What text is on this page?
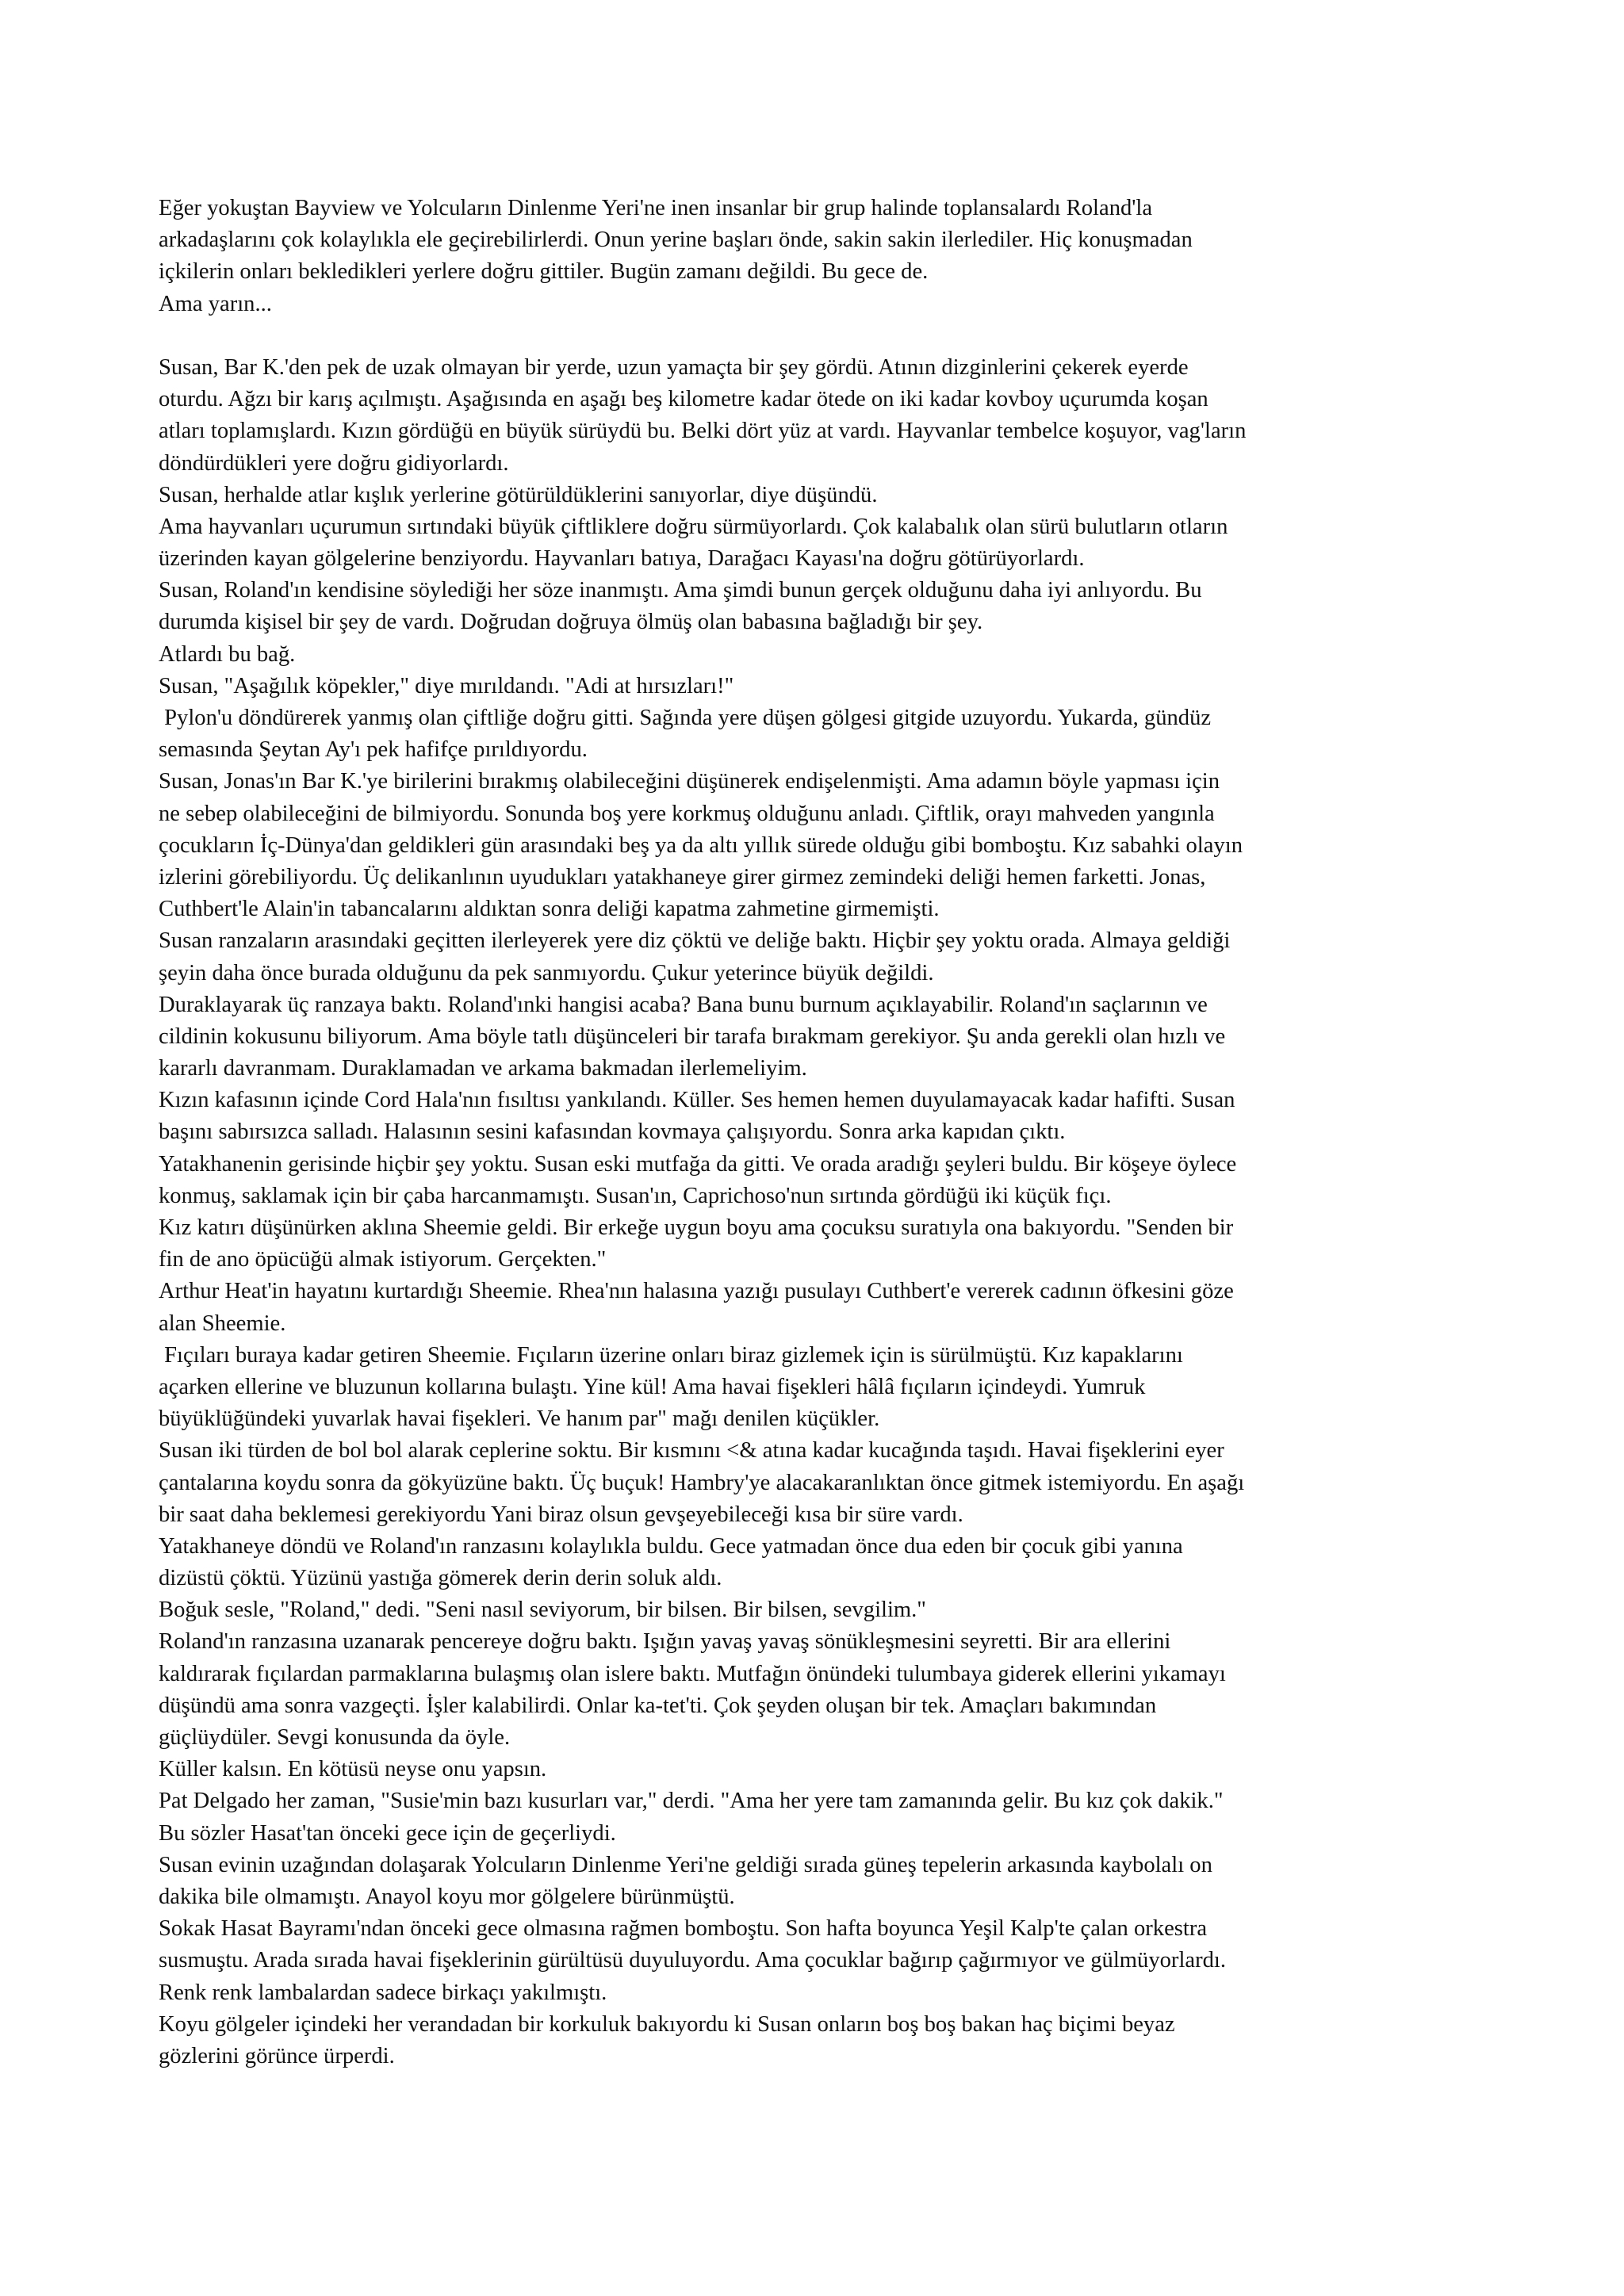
Eğer yokuştan Bayview ve Yolcuların Dinlenme Yeri'ne inen insanlar bir grup halinde toplansalardı Roland'la
arkadaşlarını çok kolaylıkla ele geçirebilirlerdi. Onun yerine başları önde, sakin sakin ilerlediler. Hiç konuşmadan
içkilerin onları bekledikleri yerlere doğru gittiler. Bugün zamanı değildi. Bu gece de.
Ama yarın...
Susan, Bar K.'den pek de uzak olmayan bir yerde, uzun yamaçta bir şey gördü. Atının dizginlerini çekerek eyerde
oturdu. Ağzı bir karış açılmıştı. Aşağısında en aşağı beş kilometre kadar ötede on iki kadar kovboy uçurumda koşan
atları toplamışlardı. Kızın gördüğü en büyük sürüydü bu. Belki dört yüz at vardı. Hayvanlar tembelce koşuyor, vag'ların
döndürdükleri yere doğru gidiyorlardı.
Susan, herhalde atlar kışlık yerlerine götürüldüklerini sanıyorlar, diye düşündü.
Ama hayvanları uçurumun sırtındaki büyük çiftliklere doğru sürmüyorlardı. Çok kalabalık olan sürü bulutların otların
üzerinden kayan gölgelerine benziyordu. Hayvanları batıya, Darağacı Kayası'na doğru götürüyorlardı.
Susan, Roland'ın kendisine söylediği her söze inanmıştı. Ama şimdi bunun gerçek olduğunu daha iyi anlıyordu. Bu
durumda kişisel bir şey de vardı. Doğrudan doğruya ölmüş olan babasına bağladığı bir şey.
Atlardı bu bağ.
Susan, "Aşağılık köpekler," diye mırıldandı. "Adi at hırsızları!"
Pylon'u döndürerek yanmış olan çiftliğe doğru gitti. Sağında yere düşen gölgesi gitgide uzuyordu. Yukarda, gündüz
semasında Şeytan Ay'ı pek hafifçe pırıldıyordu.
Susan, Jonas'ın Bar K.'ye birilerini bırakmış olabileceğini düşünerek endişelenmişti. Ama adamın böyle yapması için
ne sebep olabileceğini de bilmiyordu. Sonunda boş yere korkmuş olduğunu anladı. Çiftlik, orayı mahveden yangınla
çocukların İç-Dünya'dan geldikleri gün arasındaki beş ya da altı yıllık sürede olduğu gibi bomboştu. Kız sabahki olayın
izlerini görebiliyordu. Üç delikanlının uyudukları yatakhaneye girer girmez zemindeki deliği hemen farketti. Jonas,
Cuthbert'le Alain'in tabancalarını aldıktan sonra deliği kapatma zahmetine girmemişti.
Susan ranzaların arasındaki geçitten ilerleyerek yere diz çöktü ve deliğe baktı. Hiçbir şey yoktu orada. Almaya geldiği
şeyin daha önce burada olduğunu da pek sanmıyordu. Çukur yeterince büyük değildi.
Duraklayarak üç ranzaya baktı. Roland'ınki hangisi acaba? Bana bunu burnum açıklayabilir. Roland'ın saçlarının ve
cildinin kokusunu biliyorum. Ama böyle tatlı düşünceleri bir tarafa bırakmam gerekiyor. Şu anda gerekli olan hızlı ve
kararlı davranmam. Duraklamadan ve arkama bakmadan ilerlemeliyim.
Kızın kafasının içinde Cord Hala'nın fısıltısı yankılandı. Küller. Ses hemen hemen duyulamayacak kadar hafifti. Susan
başını sabırsızca salladı. Halasının sesini kafasından kovmaya çalışıyordu. Sonra arka kapıdan çıktı.
Yatakhanenin gerisinde hiçbir şey yoktu. Susan eski mutfağa da gitti. Ve orada aradığı şeyleri buldu. Bir köşeye öylece
konmuş, saklamak için bir çaba harcanmamıştı. Susan'ın, Caprichoso'nun sırtında gördüğü iki küçük fıçı.
Kız katırı düşünürken aklına Sheemie geldi. Bir erkeğe uygun boyu ama çocuksu suratıyla ona bakıyordu. "Senden bir
fin de ano öpücüğü almak istiyorum. Gerçekten."
Arthur Heat'in hayatını kurtardığı Sheemie. Rhea'nın halasına yazığı pusulayı Cuthbert'e vererek cadının öfkesini göze
alan Sheemie.
Fıçıları buraya kadar getiren Sheemie. Fıçıların üzerine onları biraz gizlemek için is sürülmüştü. Kız kapaklarını
açarken ellerine ve bluzunun kollarına bulaştı. Yine kül! Ama havai fişekleri hâlâ fıçıların içindeydi. Yumruk
büyüklüğündeki yuvarlak havai fişekleri. Ve hanım par" mağı denilen küçükler.
Susan iki türden de bol bol alarak ceplerine soktu. Bir kısmını <& atına kadar kucağında taşıdı. Havai fişeklerini eyer
çantalarına koydu sonra da gökyüzüne baktı. Üç buçuk! Hambry'ye alacakaranlıktan önce gitmek istemiyordu. En aşağı
bir saat daha beklemesi gerekiyordu Yani biraz olsun gevşeyebileceği kısa bir süre vardı.
Yatakhaneye döndü ve Roland'ın ranzasını kolaylıkla buldu. Gece yatmadan önce dua eden bir çocuk gibi yanına
dizüstü çöktü. Yüzünü yastığa gömerek derin derin soluk aldı.
Boğuk sesle, "Roland," dedi. "Seni nasıl seviyorum, bir bilsen. Bir bilsen, sevgilim."
Roland'ın ranzasına uzanarak pencereye doğru baktı. Işığın yavaş yavaş sönükleşmesini seyretti. Bir ara ellerini
kaldırarak fıçılardan parmaklarına bulaşmış olan islere baktı. Mutfağın önündeki tulumbaya giderek ellerini yıkamayı
düşündü ama sonra vazgeçti. İşler kalabilirdi. Onlar ka-tet'ti. Çok şeyden oluşan bir tek. Amaçları bakımından
güçlüydüler. Sevgi konusunda da öyle.
Küller kalsın. En kötüsü neyse onu yapsın.
Pat Delgado her zaman, "Susie'min bazı kusurları var," derdi. "Ama her yere tam zamanında gelir. Bu kız çok dakik."
Bu sözler Hasat'tan önceki gece için de geçerliydi.
Susan evinin uzağından dolaşarak Yolcuların Dinlenme Yeri'ne geldiği sırada güneş tepelerin arkasında kaybolalı on
dakika bile olmamıştı. Anayol koyu mor gölgelere bürünmüştü.
Sokak Hasat Bayramı'ndan önceki gece olmasına rağmen bomboştu. Son hafta boyunca Yeşil Kalp'te çalan orkestra
susmuştu. Arada sırada havai fişeklerinin gürültüsü duyuluyordu. Ama çocuklar bağırıp çağırmıyor ve gülmüyorlardı.
Renk renk lambalardan sadece birkaçı yakılmıştı.
Koyu gölgeler içindeki her verandadan bir korkuluk bakıyordu ki Susan onların boş boş bakan haç biçimi beyaz
gözlerini görünce ürperdi.
